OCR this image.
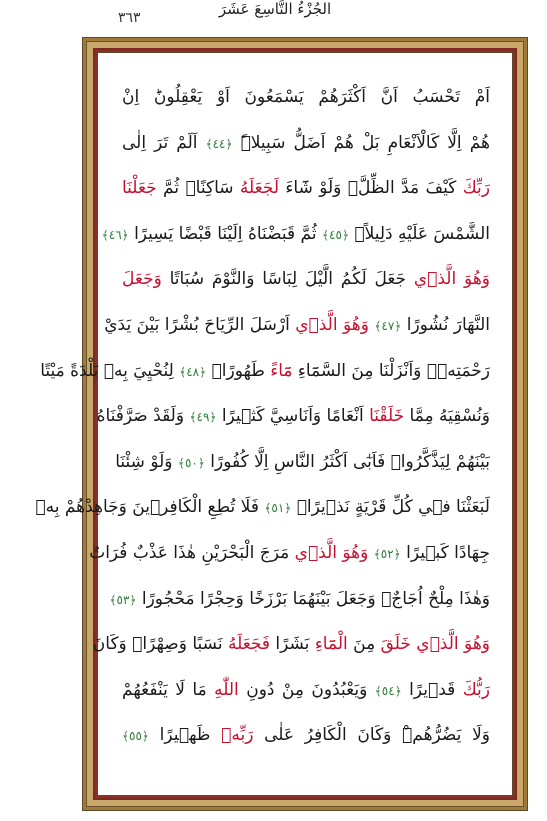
٣٦٣	الجُزْءُ التَّاسِعَ عَشَرَ
اَمْ تَحْسَبُ اَنَّ اَكْثَرَهُمْ يَسْمَعُونَ اَوْ يَعْقِلُونَؕ اِنْ
هُمْ اِلَّا كَالْاَنْعَامِ بَلْ هُمْ اَضَلُّ سَبِيلاًۜ ﴿٤٤﴾ اَلَمْ تَرَ اِلٰى
رَبِّكَ كَيْفَ مَدَّ الظِّلَّۚ وَلَوْ شَٓاءَ لَجَعَلَهُ سَاكِنًاۚ ثُمَّ جَعَلْنَا
الشَّمْسَ عَلَيْهِ دَلِيلاًۙ ﴿٤٥﴾ ثُمَّ قَبَضْنَاهُ اِلَيْنَا قَبْضًا يَسِيرًا ﴿٤٦﴾
وَهُوَ الَّذٖي جَعَلَ لَكُمُ الَّيْلَ لِبَاسًا وَالنَّوْمَ سُبَاتًا وَجَعَلَ
النَّهَارَ نُشُورًا ﴿٤٧﴾ وَهُوَ الَّذٖي اَرْسَلَ الرِّيَاحَ بُشْرًا بَيْنَ يَدَيْ
رَحْمَتِهٖۚ وَاَنْزَلْنَا مِنَ السَّمَٓاءِ مَٓاءً طَهُورًاۙ ﴿٤٨﴾ لِنُحْيِيَ بِهٖ بَلْدَةً مَيْتًا
وَنُسْقِيَهُ مِمَّا خَلَقْنَا اَنْعَامًا وَاَنَاسِيَّ كَثٖيرًا ﴿٤٩﴾ وَلَقَدْ صَرَّفْنَاهُ
بَيْنَهُمْ لِيَذَّكَّرُواۘ فَاَبٰٓى اَكْثَرُ النَّاسِ اِلَّا كُفُورًا ﴿٥٠﴾ وَلَوْ شِئْنَا
لَبَعَثْنَا فٖي كُلِّ قَرْيَةٍ نَذٖيرًاۘ ﴿٥١﴾ فَلَا تُطِعِ الْكَافِرٖينَ وَجَاهِدْهُمْ بِهٖ
جِهَادًا كَبٖيرًا ﴿٥٢﴾ وَهُوَ الَّذٖي مَرَجَ الْبَحْرَيْنِ هٰذَا عَذْبٌ فُرَاتٌ
وَهٰذَا مِلْحٌ اُجَاجٌۚ وَجَعَلَ بَيْنَهُمَا بَرْزَخًا وَحِجْرًا مَحْجُورًا ﴿٥٣﴾
وَهُوَ الَّذٖي خَلَقَ مِنَ الْمَٓاءِ بَشَرًا فَجَعَلَهُ نَسَبًا وَصِهْرًاۜ وَكَانَ
رَبُّكَ قَدٖيرًا ﴿٥٤﴾ وَيَعْبُدُونَ مِنْ دُونِ اللّٰهِ مَا لَا يَنْفَعُهُمْ
وَلَا يَضُرُّهُمْۜ وَكَانَ الْكَافِرُ عَلٰى رَبِّهٖ ظَهٖيرًا ﴿٥٥﴾
